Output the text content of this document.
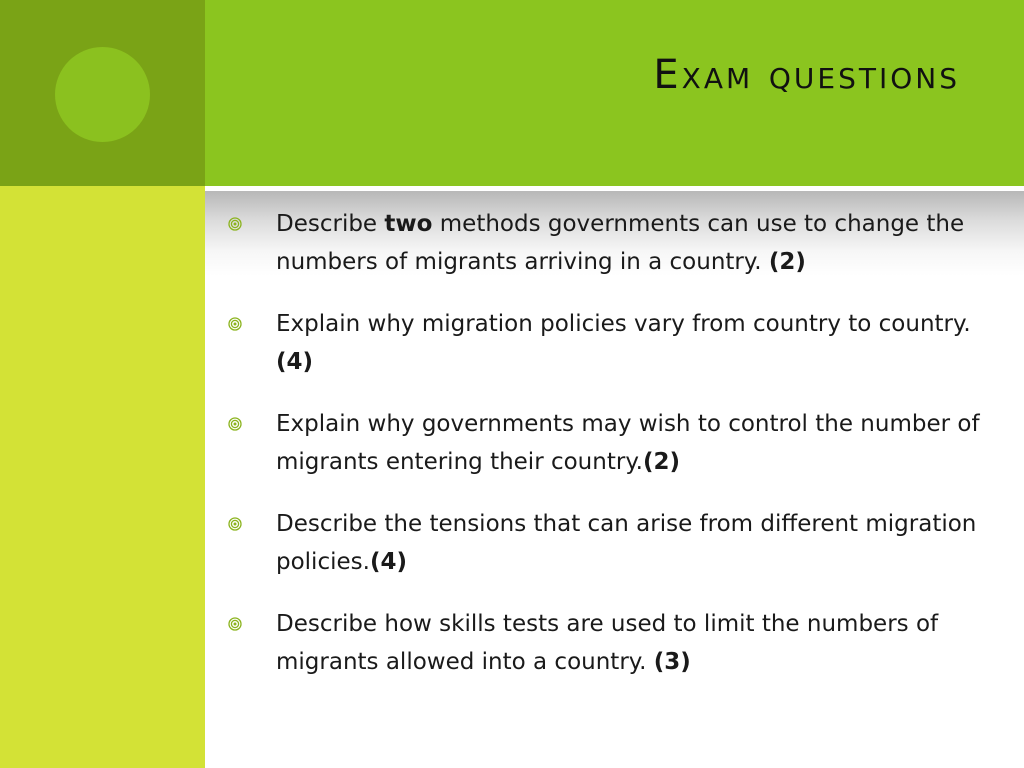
Exam questions
Describe two methods governments can use to change the numbers of migrants arriving in a country. (2)
Explain why migration policies vary from country to country. (4)
Explain why governments may wish to control the number of migrants entering their country.(2)
Describe the tensions that can arise from different migration policies.(4)
Describe how skills tests are used to limit the numbers of migrants allowed into a country. (3)
